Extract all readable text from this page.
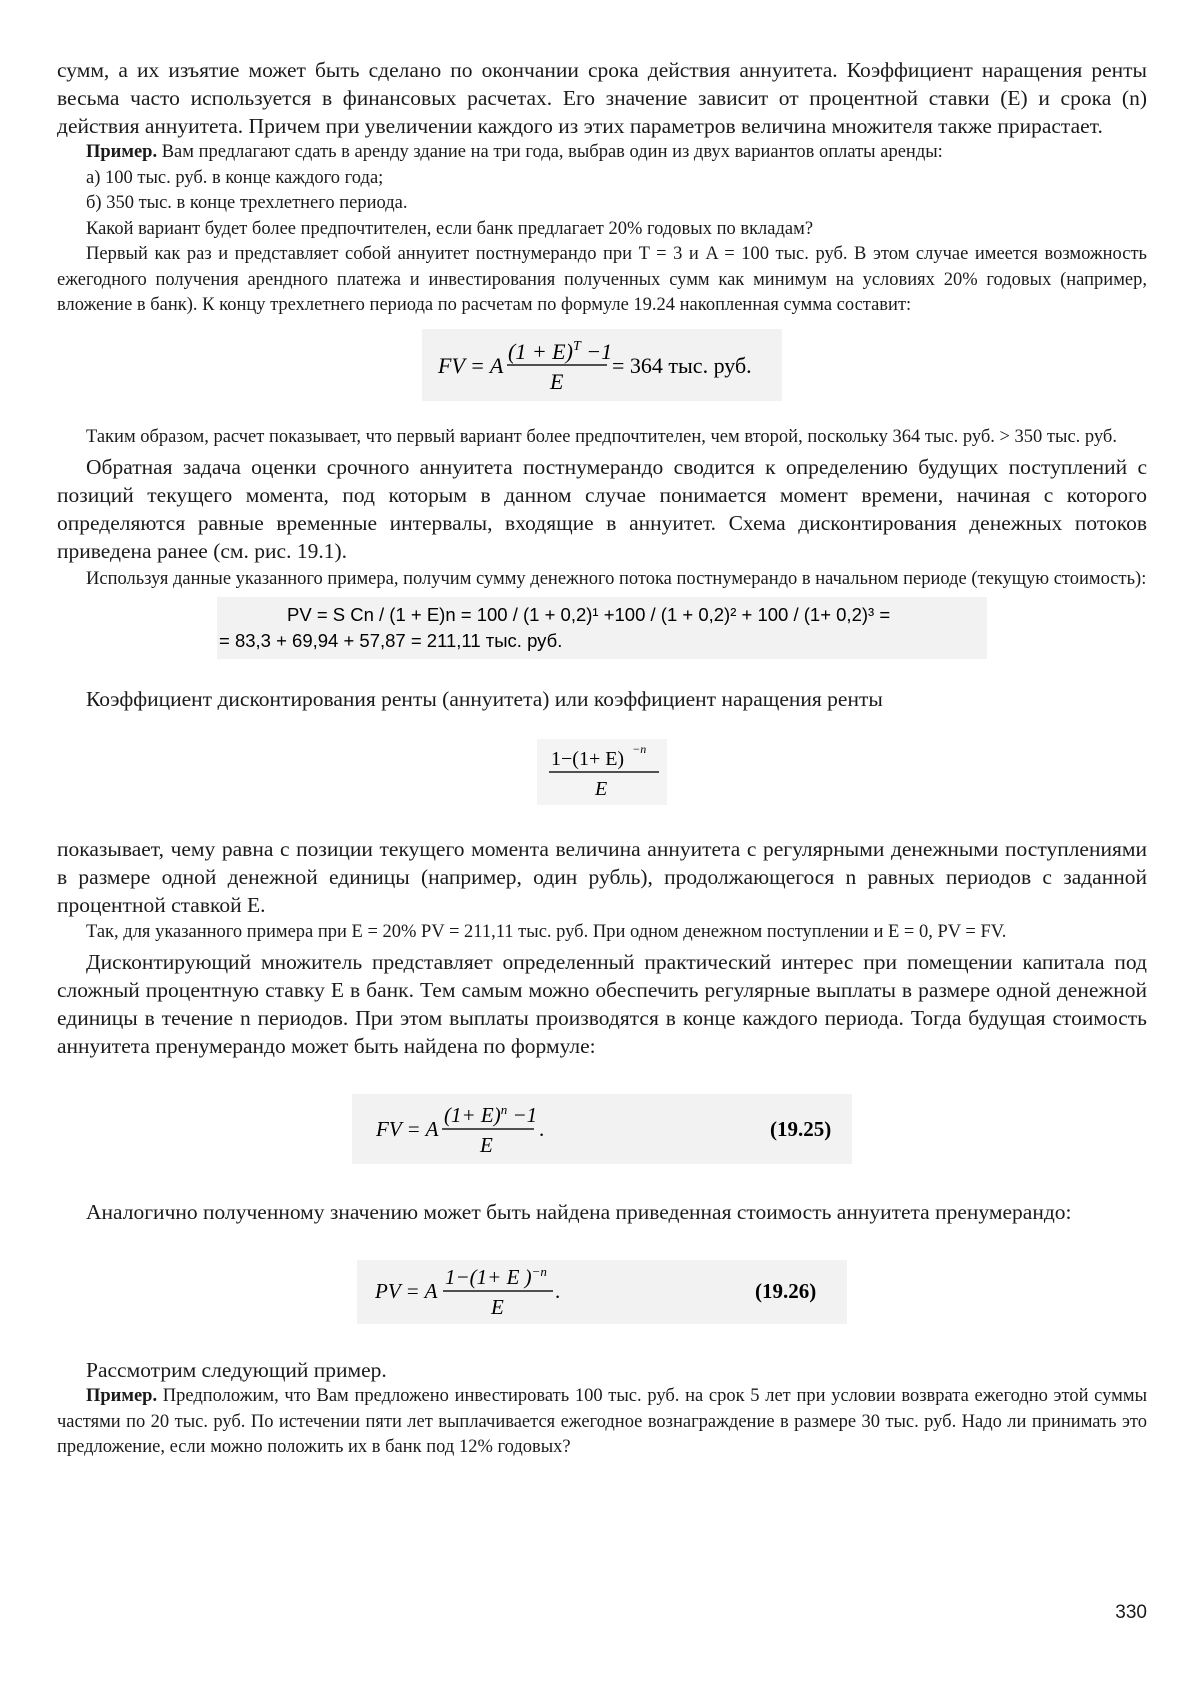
сумм, а их изъятие может быть сделано по окончании срока действия аннуитета. Коэффициент наращения ренты весьма часто используется в финансовых расчетах. Его значение зависит от процентной ставки (E) и срока (n) действия аннуитета. Причем при увеличении каждого из этих параметров величина множителя также прирастает.

Пример. Вам предлагают сдать в аренду здание на три года, выбрав один из двух вариантов оплаты аренды:

а) 100 тыс. руб. в конце каждого года;

б) 350 тыс. в конце трехлетнего периода.

Какой вариант будет более предпочтителен, если банк предлагает 20% годовых по вкладам?

Первый как раз и представляет собой аннуитет постнумерандо при T = 3 и A = 100 тыс. руб. В этом случае имеется возможность ежегодного получения арендного платежа и инвестирования полученных сумм как минимум на условиях 20% годовых (например, вложение в банк). К концу трехлетнего периода по расчетам по формуле 19.24 накопленная сумма составит:

FV = A
$(1 + E)^T -1$
E
= 364 тыс. руб.

Таким образом, расчет показывает, что первый вариант более предпочтителен, чем второй, поскольку 364 тыс. руб. > 350 тыс. руб.

Обратная задача оценки срочного аннуитета постнумерандо сводится к определению будущих поступлений с позиций текущего момента, под которым в данном случае понимается момент времени, начиная с которого определяются равные временные интервалы, входящие в аннуитет. Схема дисконтирования денежных потоков приведена ранее (см. рис. 19.1).

Используя данные указанного примера, получим сумму денежного потока постнумерандо в начальном периоде (текущую стоимость):

PV = S Cn / (1 + E)n = 100 / (1 + 0,2)¹ +100 / (1 + 0,2)² + 100 / (1+ 0,2)³ =
= 83,3 + 69,94 + 57,87 = 211,11 тыс. руб.

Коэффициент дисконтирования ренты (аннуитета) или коэффициент наращения ренты

1−(1+ E) $^{-n}$
E

показывает, чему равна с позиции текущего момента величина аннуитета с регулярными денежными поступлениями в размере одной денежной единицы (например, один рубль), продолжающегося n равных периодов с заданной процентной ставкой E.

Так, для указанного примера при E = 20% PV = 211,11 тыс. руб. При одном денежном поступлении и E = 0, PV = FV.

Дисконтирующий множитель представляет определенный практический интерес при помещении капитала под сложный процентную ставку E в банк. Тем самым можно обеспечить регулярные выплаты в размере одной денежной единицы в течение n периодов. При этом выплаты производятся в конце каждого периода. Тогда будущая стоимость аннуитета пренумерандо может быть найдена по формуле:

FV = A
$(1+ E)^n -1$
E
.	(19.25)

Аналогично полученному значению может быть найдена приведенная стоимость аннуитета пренумерандо:

PV = A
1−(1+ E )$^{-n}$
E
.	(19.26)

Рассмотрим следующий пример.

Пример. Предположим, что Вам предложено инвестировать 100 тыс. руб. на срок 5 лет при условии возврата ежегодно этой суммы частями по 20 тыс. руб. По истечении пяти лет выплачивается ежегодное вознаграждение в размере 30 тыс. руб. Надо ли принимать это предложение, если можно положить их в банк под 12% годовых?

330
